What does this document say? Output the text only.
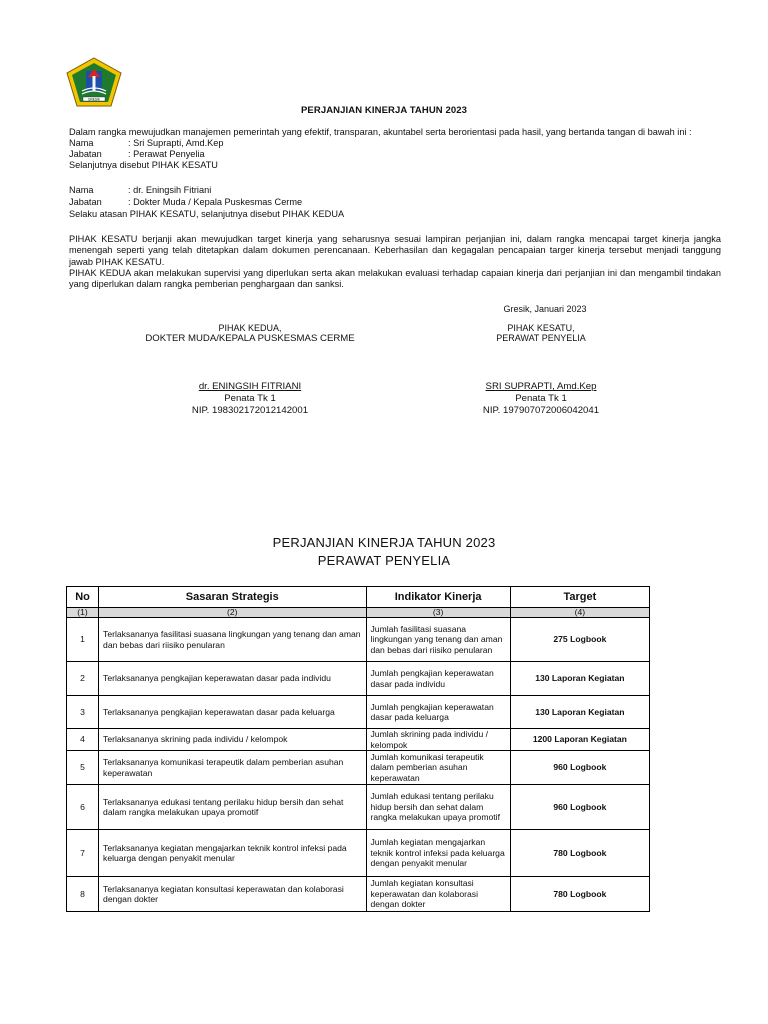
GRESIK
PERJANJIAN KINERJA TAHUN 2023
Dalam rangka mewujudkan manajemen pemerintah yang efektif, transparan, akuntabel serta berorientasi pada hasil, yang bertanda tangan di bawah ini :
Nama	: Sri Suprapti, Amd.Kep
Jabatan	: Perawat Penyelia
Selanjutnya disebut PIHAK KESATU
Nama	: dr. Eningsih Fitriani
Jabatan	: Dokter Muda / Kepala Puskesmas Cerme
Selaku atasan PIHAK KESATU, selanjutnya disebut PIHAK KEDUA
PIHAK KESATU berjanji akan mewujudkan target kinerja yang seharusnya sesuai lampiran perjanjian ini, dalam rangka mencapai target kinerja jangka menengah seperti yang telah ditetapkan dalam dokumen perencanaan. Keberhasilan dan kegagalan pencapaian targer kinerja tersebut menjadi tanggung jawab PIHAK KESATU.
PIHAK KEDUA akan melakukan supervisi yang diperlukan serta akan melakukan evaluasi terhadap capaian kinerja dari perjanjian ini dan mengambil tindakan yang diperlukan dalam rangka pemberian penghargaan dan sanksi.
Gresik, Januari 2023
PIHAK KEDUA,
DOKTER MUDA/KEPALA PUSKESMAS CERME
dr. ENINGSIH FITRIANI
Penata Tk 1
NIP. 198302172012142001
PIHAK KESATU,
PERAWAT PENYELIA
SRI SUPRAPTI, Amd.Kep
Penata Tk 1
NIP. 197907072006042041
PERJANJIAN KINERJA TAHUN 2023
PERAWAT PENYELIA
No	Sasaran Strategis	Indikator Kinerja	Target
(1)	(2)	(3)	(4)
1	Terlaksananya fasilitasi suasana lingkungan yang tenang dan aman dan bebas dari riisiko penularan	Jumlah fasilitasi suasana lingkungan yang tenang dan aman dan bebas dari riisiko penularan	275 Logbook
2	Terlaksananya pengkajian keperawatan dasar pada individu	Jumlah pengkajian keperawatan dasar pada individu	130 Laporan Kegiatan
3	Terlaksananya pengkajian keperawatan dasar pada keluarga	Jumlah pengkajian keperawatan dasar pada keluarga	130 Laporan Kegiatan
4	Terlaksananya skrining pada individu / kelompok	Jumlah skrining pada individu / kelompok	1200 Laporan Kegiatan
5	Terlaksananya komunikasi terapeutik dalam pemberian asuhan keperawatan	Jumlah komunikasi terapeutik dalam pemberian asuhan keperawatan	960 Logbook
6	Terlaksananya edukasi tentang perilaku hidup bersih dan sehat dalam rangka melakukan upaya promotif	Jumlah edukasi tentang perilaku hidup bersih dan sehat dalam rangka melakukan upaya promotif	960 Logbook
7	Terlaksananya kegiatan mengajarkan teknik kontrol infeksi pada keluarga dengan penyakit menular	Jumlah kegiatan mengajarkan teknik kontrol infeksi pada keluarga dengan penyakit menular	780 Logbook
8	Terlaksananya kegiatan konsultasi keperawatan dan kolaborasi dengan dokter	Jumlah kegiatan konsultasi keperawatan dan kolaborasi dengan dokter	780 Logbook
